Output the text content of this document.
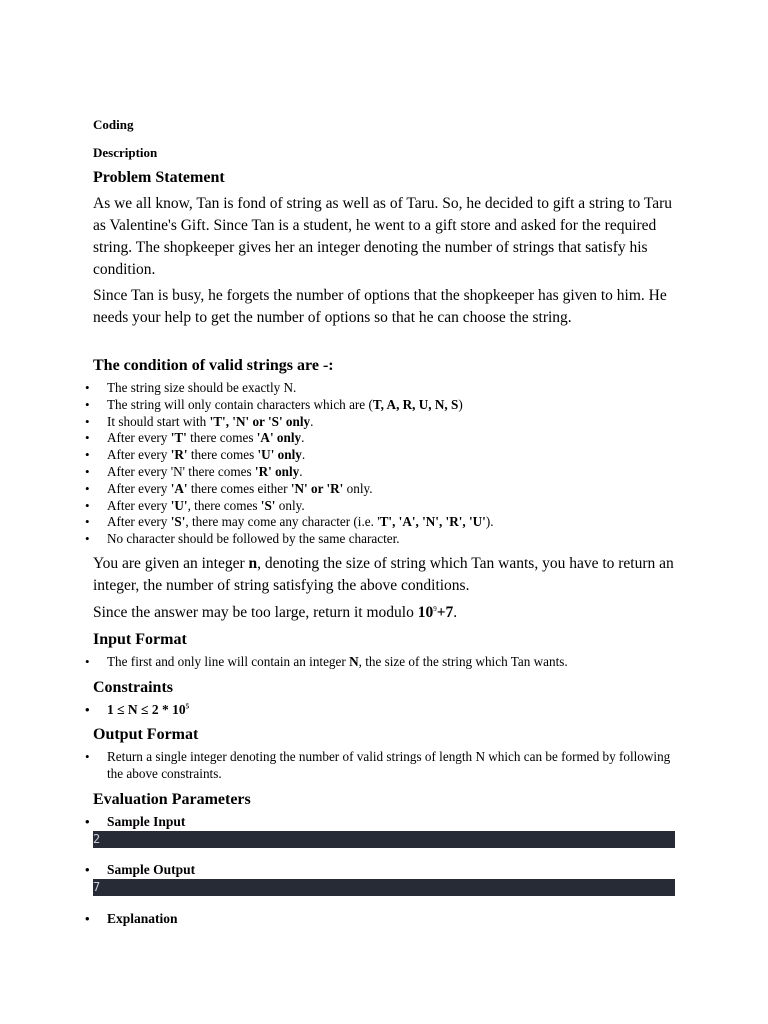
Coding

Description

Problem Statement

As we all know, Tan is fond of string as well as of Taru. So, he decided to gift a string to Taru as Valentine's Gift. Since Tan is a student, he went to a gift store and asked for the required string. The shopkeeper gives her an integer denoting the number of strings that satisfy his condition.

Since Tan is busy, he forgets the number of options that the shopkeeper has given to him. He needs your help to get the number of options so that he can choose the string.

The condition of valid strings are -:
• The string size should be exactly N.
• The string will only contain characters which are (T, A, R, U, N, S)
• It should start with 'T', 'N' or 'S' only.
• After every 'T' there comes 'A' only.
• After every 'R' there comes 'U' only.
• After every 'N' there comes 'R' only.
• After every 'A' there comes either 'N' or 'R' only.
• After every 'U', there comes 'S' only.
• After every 'S', there may come any character (i.e. 'T', 'A', 'N', 'R', 'U').
• No character should be followed by the same character.

You are given an integer n, denoting the size of string which Tan wants, you have to return an integer, the number of string satisfying the above conditions.

Since the answer may be too large, return it modulo $10^9+7$.

Input Format
• The first and only line will contain an integer N, the size of the string which Tan wants.
Constraints
• $1 \le N \le 2 * 10^5$
Output Format
• Return a single integer denoting the number of valid strings of length N which can be formed by following the above constraints.
Evaluation Parameters
• Sample Input
2
• Sample Output
7
• Explanation
